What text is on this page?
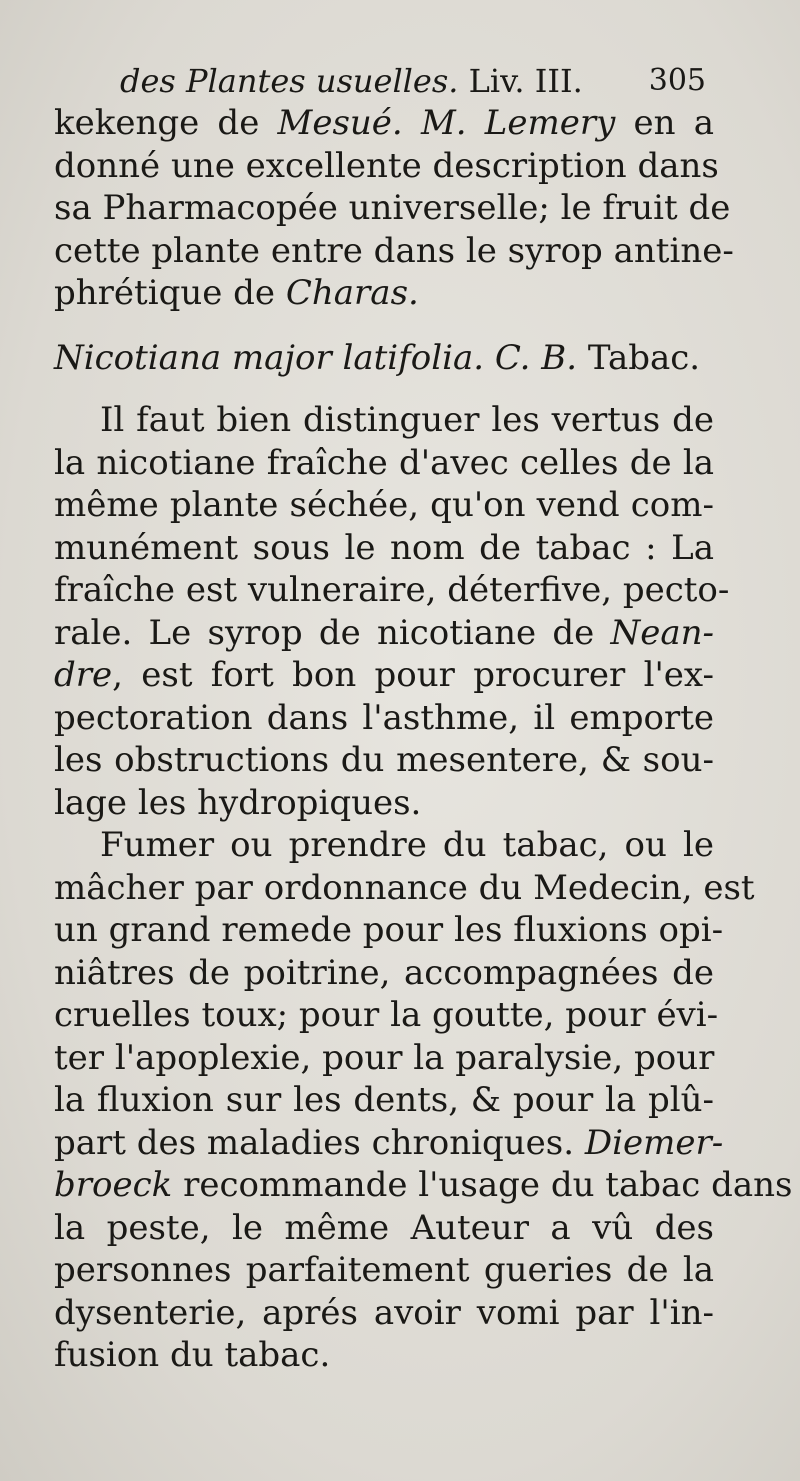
des Plantes usuelles. Liv. III. 305
kekenge de Mesué. M. Lemery en a
donné une excellente description dans
sa Pharmacopée universelle; le fruit de
cette plante entre dans le syrop antine-
phrétique de Charas.
Nicotiana major latifolia. C. B. Tabac.
Il faut bien distinguer les vertus de
la nicotiane fraîche d'avec celles de la
même plante séchée, qu'on vend com-
munément sous le nom de tabac : La
fraîche est vulneraire, déterfive, pecto-
rale. Le syrop de nicotiane de Nean-
dre, est fort bon pour procurer l'ex-
pectoration dans l'asthme, il emporte
les obstructions du mesentere, & sou-
lage les hydropiques.
Fumer ou prendre du tabac, ou le
mâcher par ordonnance du Medecin, est
un grand remede pour les fluxions opi-
niâtres de poitrine, accompagnées de
cruelles toux; pour la goutte, pour évi-
ter l'apoplexie, pour la paralysie, pour
la fluxion sur les dents, & pour la plû-
part des maladies chroniques. Diemer-
broeck recommande l'usage du tabac dans
la peste, le même Auteur a vû des
personnes parfaitement gueries de la
dysenterie, aprés avoir vomi par l'in-
fusion du tabac.
